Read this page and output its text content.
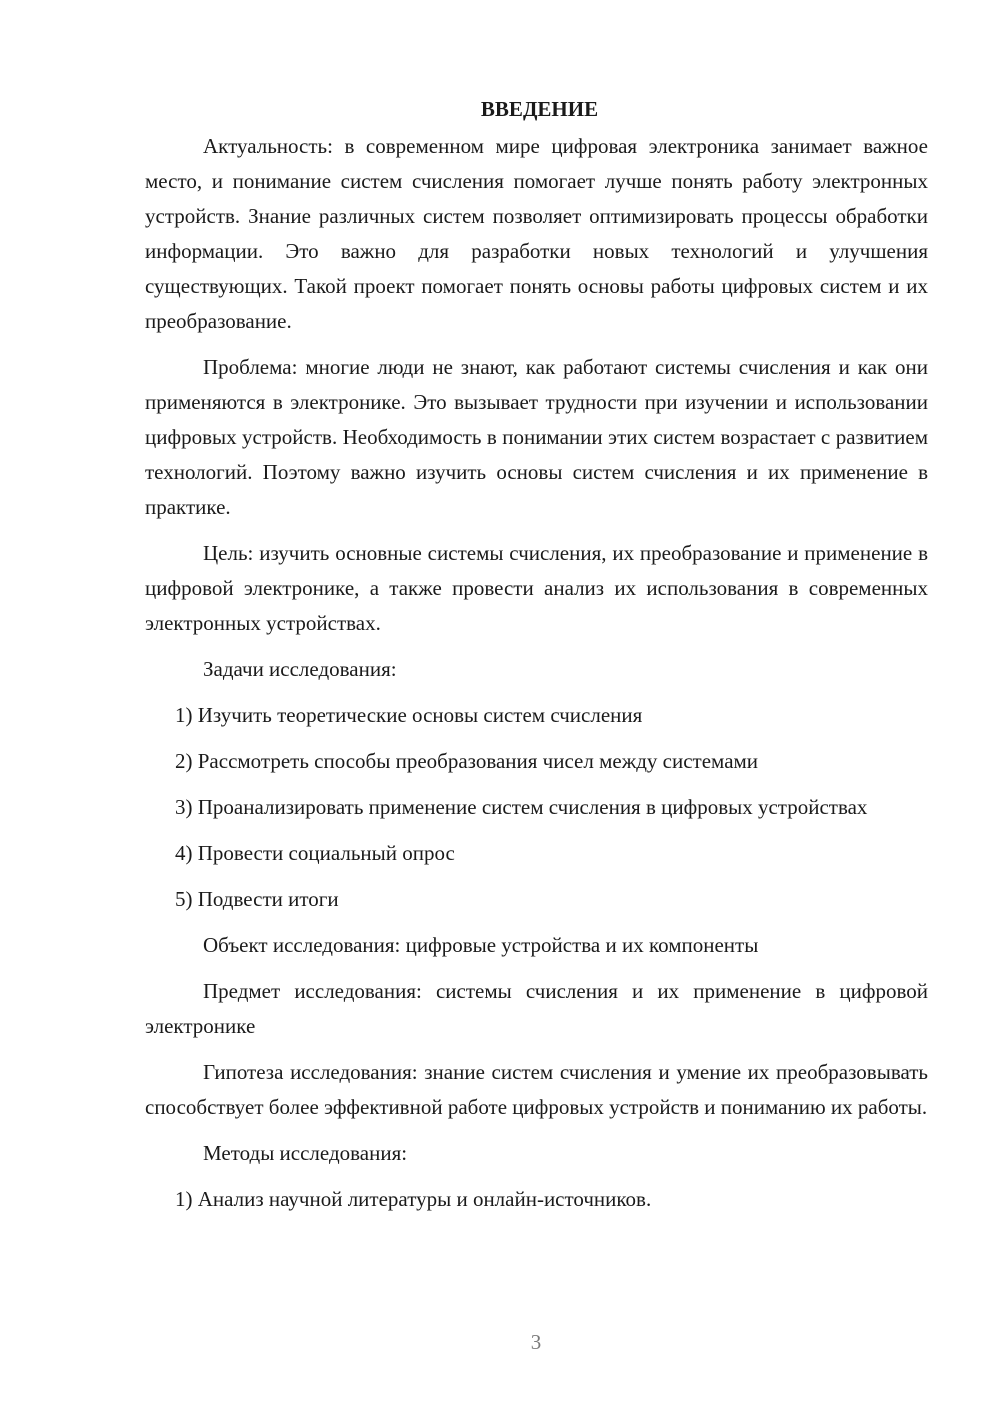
ВВЕДЕНИЕ

Актуальность: в современном мире цифровая электроника занимает важное место, и понимание систем счисления помогает лучше понять работу электронных устройств. Знание различных систем позволяет оптимизировать процессы обработки информации. Это важно для разработки новых технологий и улучшения существующих. Такой проект помогает понять основы работы цифровых систем и их преобразование.

Проблема: многие люди не знают, как работают системы счисления и как они применяются в электронике. Это вызывает трудности при изучении и использовании цифровых устройств. Необходимость в понимании этих систем возрастает с развитием технологий. Поэтому важно изучить основы систем счисления и их применение в практике.

Цель: изучить основные системы счисления, их преобразование и применение в цифровой электронике, а также провести анализ их использования в современных электронных устройствах.

Задачи исследования:

1) Изучить теоретические основы систем счисления

2) Рассмотреть способы преобразования чисел между системами

3) Проанализировать применение систем счисления в цифровых устройствах

4) Провести социальный опрос

5) Подвести итоги

Объект исследования: цифровые устройства и их компоненты

Предмет исследования: системы счисления и их применение в цифровой электронике

Гипотеза исследования: знание систем счисления и умение их преобразовывать способствует более эффективной работе цифровых устройств и пониманию их работы.

Методы исследования:

1) Анализ научной литературы и онлайн-источников.

3
